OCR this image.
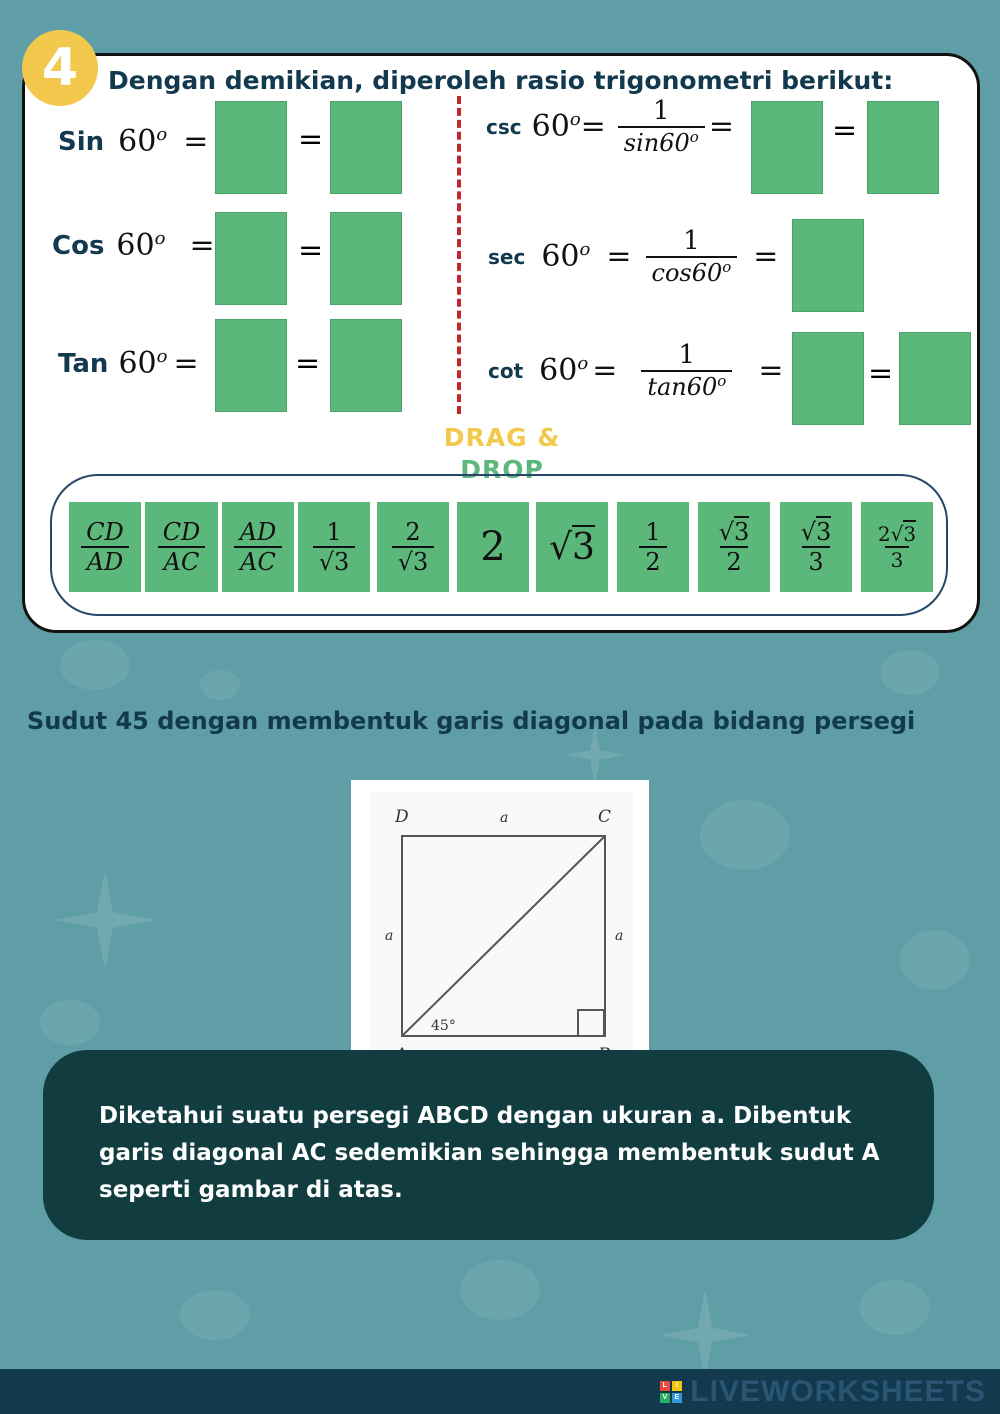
4	Dengan demikian, diperoleh rasio trigonometri berikut:
Sin $60^o$ =	=
Cos $60^o$ =	=
Tan $60^o$ =	=
$\csc 60^o = \frac{1}{\sin 60^o}$ =	=
$\sec 60^o = \frac{1}{\cos 60^o}$ =
$\cot 60^o = \frac{1}{\tan 60^o}$ =	=
DRAG &
DROP
$\frac{CD}{AD} \frac{CD}{AC} \frac{AD}{AC} \frac{1}{√3} \frac{2}{√3} 2$ $√3 \frac{1}{2} \frac{√3}{2} \frac{√3}{3} \frac{2√3}{3}$
Sudut 45 dengan membentuk garis diagonal pada bidang persegi
D	C
a
a	a
45°
Diketahui suatu persegi ABCD dengan ukuran a. Dibentuk garis diagonal AC sedemikian sehingga membentuk sudut A seperti gambar di atas.
L	I
V E LIVEWORKSHEETS
